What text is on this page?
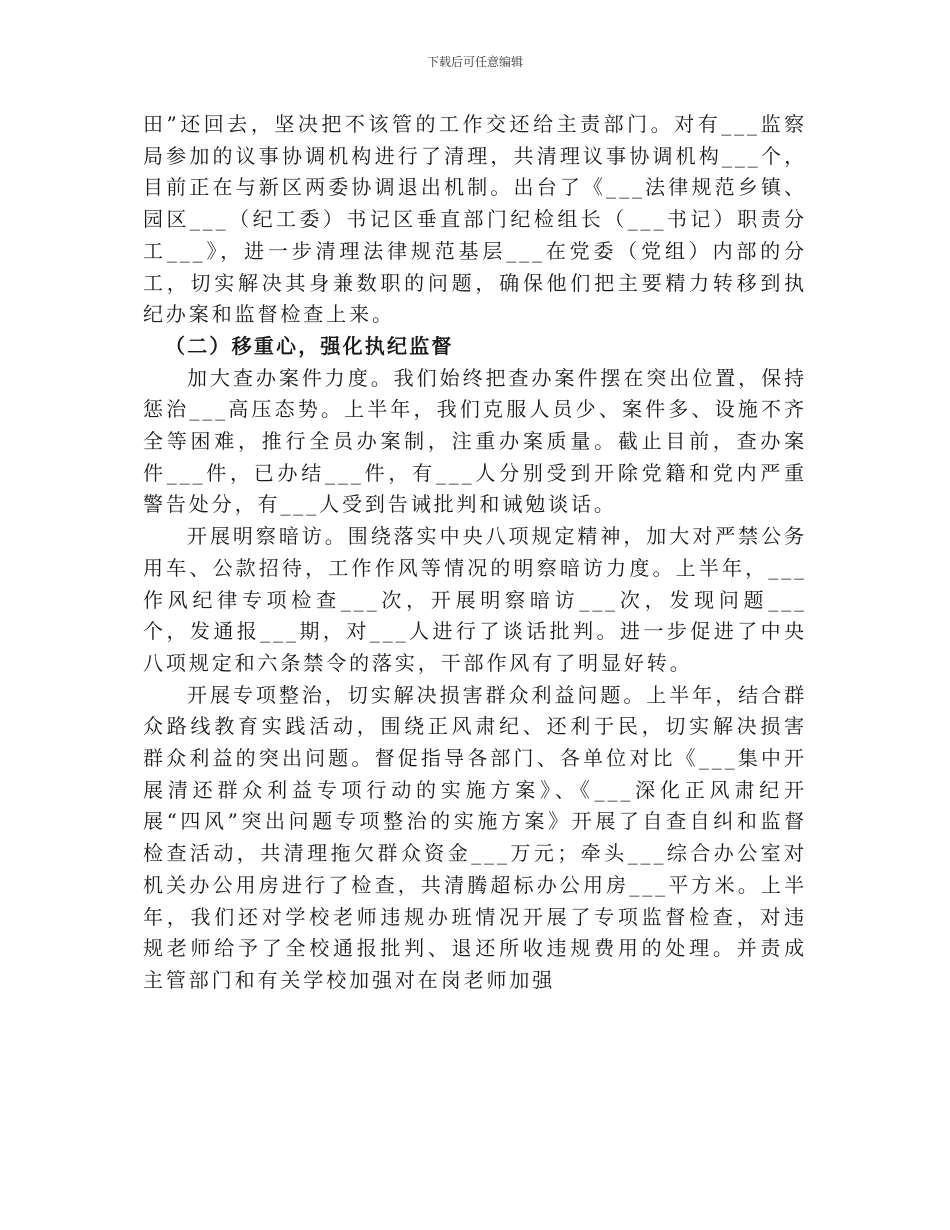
下载后可任意编辑

田”还回去，坚决把不该管的工作交还给主责部门。对有___监察局参加的议事协调机构进行了清理，共清理议事协调机构___个，目前正在与新区两委协调退出机制。出台了《___法律规范乡镇、园区___（纪工委）书记区垂直部门纪检组长（___书记）职责分工___》，进一步清理法律规范基层___在党委（党组）内部的分工，切实解决其身兼数职的问题，确保他们把主要精力转移到执纪办案和监督检查上来。

（二）移重心，强化执纪监督

加大查办案件力度。我们始终把查办案件摆在突出位置，保持惩治___高压态势。上半年，我们克服人员少、案件多、设施不齐全等困难，推行全员办案制，注重办案质量。截止目前，查办案件___件，已办结___件，有___人分别受到开除党籍和党内严重警告处分，有___人受到告诫批判和诫勉谈话。

开展明察暗访。围绕落实中央八项规定精神，加大对严禁公务用车、公款招待，工作作风等情况的明察暗访力度。上半年，___作风纪律专项检查___次，开展明察暗访___次，发现问题___个，发通报___期，对___人进行了谈话批判。进一步促进了中央八项规定和六条禁令的落实，干部作风有了明显好转。

开展专项整治，切实解决损害群众利益问题。上半年，结合群众路线教育实践活动，围绕正风肃纪、还利于民，切实解决损害群众利益的突出问题。督促指导各部门、各单位对比《___集中开展清还群众利益专项行动的实施方案》、《___深化正风肃纪开展“四风”突出问题专项整治的实施方案》开展了自查自纠和监督检查活动，共清理拖欠群众资金___万元；牵头___综合办公室对机关办公用房进行了检查，共清腾超标办公用房___平方米。上半年，我们还对学校老师违规办班情况开展了专项监督检查，对违规老师给予了全校通报批判、退还所收违规费用的处理。并责成主管部门和有关学校加强对在岗老师加强
